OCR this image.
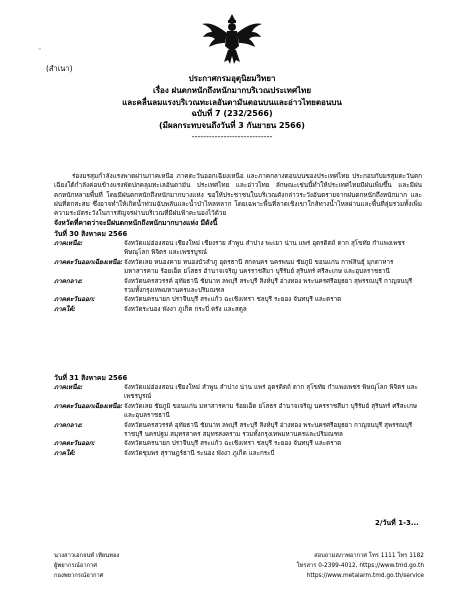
◦
(สำเนา)
ประกาศกรมอุตุนิยมวิทยา
เรื่อง ฝนตกหนักถึงหนักมากบริเวณประเทศไทย
และคลื่นลมแรงบริเวณทะเลอันดามันตอนบนและอ่าวไทยตอนบน
ฉบับที่ 7 (232/2566)
(มีผลกระทบจนถึงวันที่ 3 กันยายน 2566)
----------------------------
ร่องมรสุมกำลังแรงพาดผ่านภาคเหนือ ภาคตะวันออกเฉียงเหนือ และภาคกลางตอนบนของประเทศไทย ประกอบกับมรสุมตะวันตกเฉียงใต้กำลังค่อนข้างแรงพัดปกคลุมทะเลอันดามัน ประเทศไทย และอ่าวไทย ลักษณะเช่นนี้ทำให้ประเทศไทยมีฝนเพิ่มขึ้น และมีฝนตกหนักหลายพื้นที่ โดยมีฝนตกหนักถึงหนักมากบางแห่ง ขอให้ประชาชนในบริเวณดังกล่าวระวังอันตรายจากฝนตกหนักถึงหนักมาก และฝนที่ตกสะสม ซึ่งอาจทำให้เกิดน้ำท่วมฉับพลันและน้ำป่าไหลหลาก โดยเฉพาะพื้นที่ลาดเชิงเขาใกล้ทางน้ำไหลผ่านและพื้นที่ลุ่มรวมทั้งเพิ่มความระมัดระวังในการสัญจรผ่านบริเวณที่มีฝนฟ้าคะนองไว้ด้วย
จังหวัดที่คาดว่าจะมีฝนตกหนักถึงหนักมากบางแห่ง มีดังนี้
วันที่ 30 สิงหาคม 2566
ภาคเหนือ:	จังหวัดแม่ฮ่องสอน เชียงใหม่ เชียงราย ลำพูน ลำปาง พะเยา น่าน แพร่ อุตรดิตถ์ ตาก สุโขทัย กำแพงเพชร พิษณุโลก พิจิตร และเพชรบูรณ์
ภาคตะวันออกเฉียงเหนือ: จังหวัดเลย หนองคาย หนองบัวลำภู อุดรธานี สกลนคร นครพนม ชัยภูมิ ขอนแก่น กาฬสินธุ์ มุกดาหาร มหาสารคาม ร้อยเอ็ด ยโสธร อำนาจเจริญ นครราชสีมา บุรีรัมย์ สุรินทร์ ศรีสะเกษ และอุบลราชธานี
ภาคกลาง:	จังหวัดนครสวรรค์ อุทัยธานี ชัยนาท ลพบุรี สระบุรี สิงห์บุรี อ่างทอง พระนครศรีอยุธยา สุพรรณบุรี กาญจนบุรี รวมทั้งกรุงเทพมหานครและปริมณฑล
ภาคตะวันออก:	จังหวัดนครนายก ปราจีนบุรี สระแก้ว ฉะเชิงเทรา ชลบุรี ระยอง จันทบุรี และตราด
ภาคใต้:	จังหวัดระนอง พังงา ภูเก็ต กระบี่ ตรัง และสตูล
วันที่ 31 สิงหาคม 2566
ภาคเหนือ:	จังหวัดแม่ฮ่องสอน เชียงใหม่ ลำพูน ลำปาง น่าน แพร่ อุตรดิตถ์ ตาก สุโขทัย กำแพงเพชร พิษณุโลก พิจิตร และเพชรบูรณ์
ภาคตะวันออกเฉียงเหนือ: จังหวัดเลย ชัยภูมิ ขอนแก่น มหาสารคาม ร้อยเอ็ด ยโสธร อำนาจเจริญ นครราชสีมา บุรีรัมย์ สุรินทร์ ศรีสะเกษ และอุบลราชธานี
ภาคกลาง:	จังหวัดนครสวรรค์ อุทัยธานี ชัยนาท ลพบุรี สระบุรี สิงห์บุรี อ่างทอง พระนครศรีอยุธยา กาญจนบุรี สุพรรณบุรี ราชบุรี นครปฐม สมุทรสาคร สมุทรสงคราม รวมทั้งกรุงเทพมหานครและปริมณฑล
ภาคตะวันออก:	จังหวัดนครนายก ปราจีนบุรี สระแก้ว ฉะเชิงเทรา ชลบุรี ระยอง จันทบุรี และตราด
ภาคใต้:	จังหวัดชุมพร สุราษฎร์ธานี ระนอง พังงา ภูเก็ต และกระบี่
2/วันที่ 1-3...
นางสาวเอกจนท์ เทียนทอง
ผู้พยากรณ์อากาศ
กองพยากรณ์อากาศ
สอบถามสภาพอากาศ โทร 1111 โทร 1182
โทรสาร 0-2399-4012, https://www.tmd.go.th
https://www.metalarm.tmd.go.th/service
